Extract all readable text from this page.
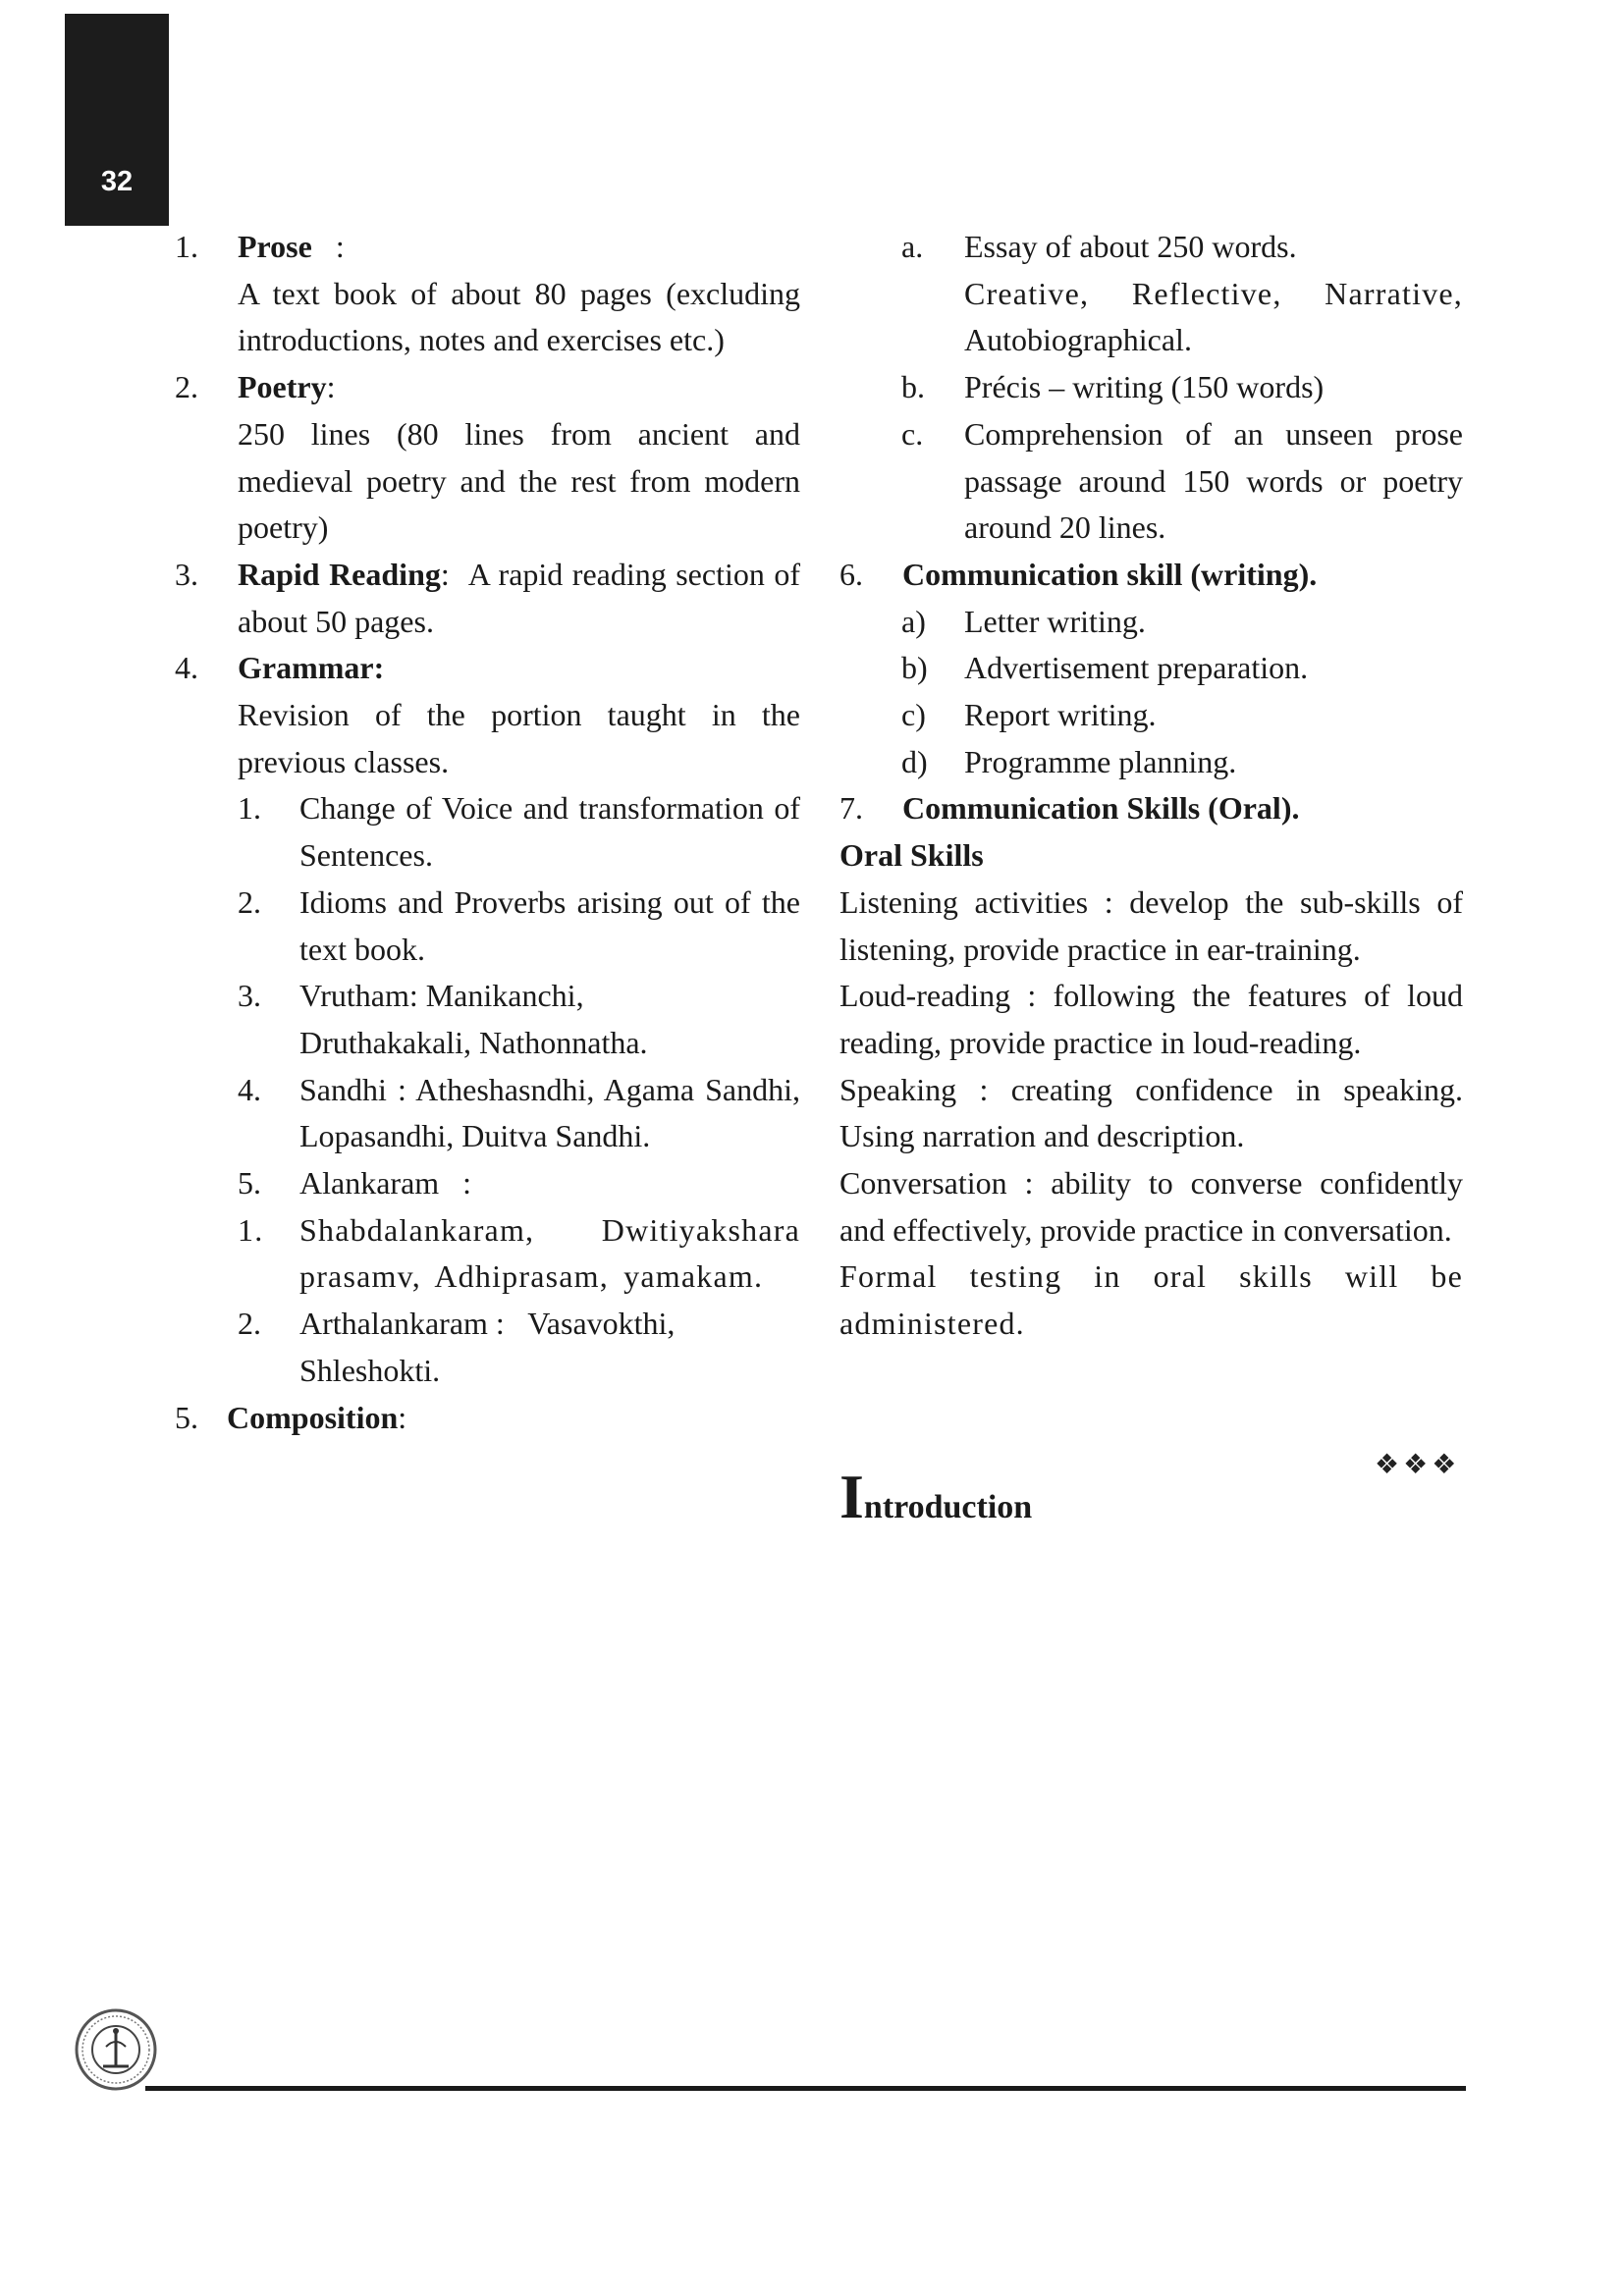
32
1. Prose   :
A text book of about 80 pages (excluding introductions, notes and exercises etc.)
2. Poetry:
250 lines (80 lines from ancient and medieval poetry and the rest from modern poetry)
3. Rapid Reading: A rapid reading section of about 50 pages.
4. Grammar:
Revision of the portion taught in the previous classes.
1. Change of Voice and transformation of Sentences.
2. Idioms and Proverbs arising out of the text book.
3. Vrutham: Manikanchi,
Druthakakali, Nathonnatha.
4. Sandhi : Atheshasndhi, Agama Sandhi, Lopasandhi, Duitva Sandhi.
5. Alankaram   :
1. Shabdalankaram, Dwitiyakshara prasamv, Adhiprasam, yamakam.
2. Arthalankaram :   Vasavokthi,
Shleshokti.
5. Composition:
a. Essay of about 250 words.
Creative, Reflective, Narrative,
Autobiographical.
b. Précis – writing (150 words)
c. Comprehension of an unseen prose passage around 150 words or poetry around 20 lines.
6. Communication skill (writing).
a) Letter writing.
b) Advertisement preparation.
c) Report writing.
d) Programme planning.
7. Communication Skills (Oral).
Oral Skills
Listening activities : develop the sub-skills of listening, provide practice in ear-training.
Loud-reading : following the features of loud reading, provide practice in loud-reading.
Speaking : creating confidence in speaking. Using narration and description.
Conversation : ability to converse confidently and effectively, provide practice in conversation.
Formal testing in oral skills will be administered.
❖❖❖
Introduction
